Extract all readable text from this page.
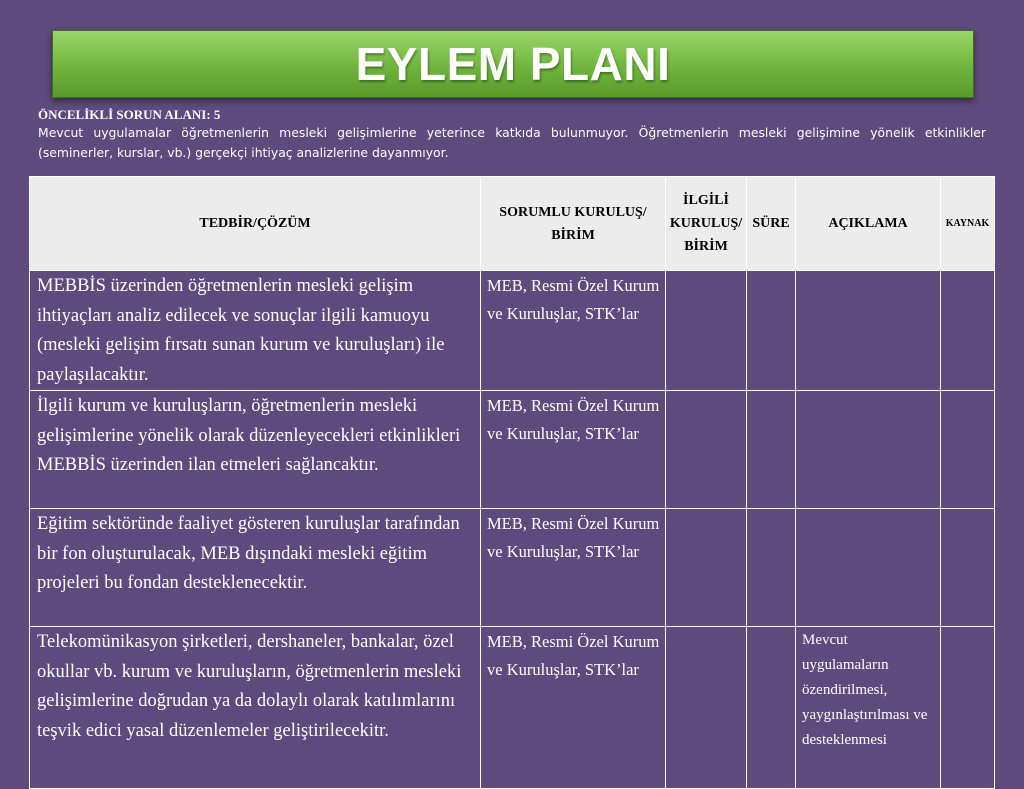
EYLEM PLANI
ÖNCELİKLİ SORUN ALANI: 5
Mevcut uygulamalar öğretmenlerin mesleki gelişimlerine yeterince katkıda bulunmuyor. Öğretmenlerin mesleki gelişimine yönelik etkinlikler (seminerler, kurslar, vb.) gerçekçi ihtiyaç analizlerine dayanmıyor.
TEDBİR/ÇÖZÜM	SORUMLU KURULUŞ/ BİRİM	İLGİLİ KURULUŞ/ BİRİM	SÜRE	AÇIKLAMA	KAYNAK
MEBBİS üzerinden öğretmenlerin mesleki gelişim ihtiyaçları analiz edilecek ve sonuçlar ilgili kamuoyu (mesleki gelişim fırsatı sunan kurum ve kuruluşları) ile paylaşılacaktır.	MEB, Resmi Özel Kurum ve Kuruluşlar, STK’lar				
İlgili kurum ve kuruluşların, öğretmenlerin mesleki gelişimlerine yönelik olarak düzenleyecekleri etkinlikleri MEBBİS üzerinden ilan etmeleri sağlancaktır.	MEB, Resmi Özel Kurum ve Kuruluşlar, STK’lar				
Eğitim sektöründe faaliyet gösteren kuruluşlar tarafından bir fon oluşturulacak, MEB dışındaki mesleki eğitim projeleri bu fondan desteklenecektir.	MEB, Resmi Özel Kurum ve Kuruluşlar, STK’lar				
Telekomünikasyon şirketleri, dershaneler, bankalar, özel okullar vb. kurum ve kuruluşların, öğretmenlerin mesleki gelişimlerine doğrudan ya da dolaylı olarak katılımlarını teşvik edici yasal düzenlemeler geliştirilecekitr.	MEB, Resmi Özel Kurum ve Kuruluşlar, STK’lar			Mevcut uygulamaların özendirilmesi, yaygınlaştırılması ve desteklenmesi	
